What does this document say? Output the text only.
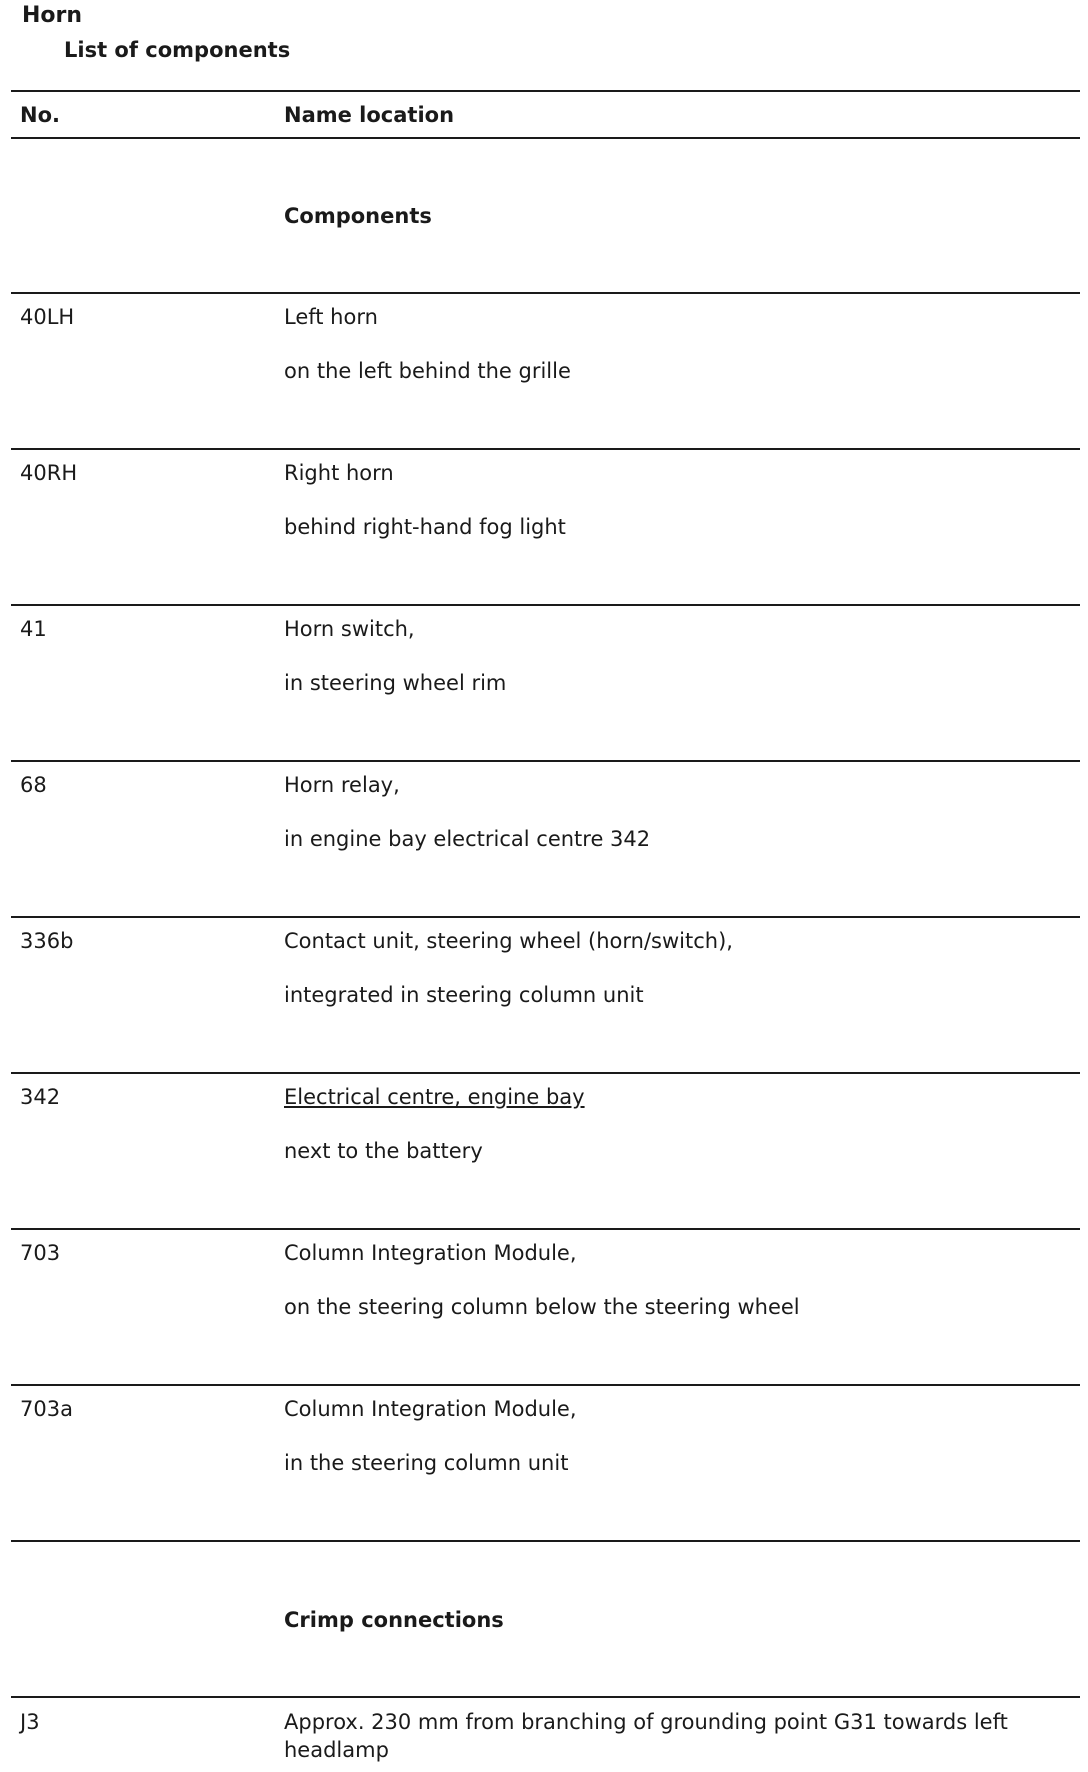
Horn
List of components
No.	Name location
Components
40LH	Left horn
on the left behind the grille
40RH	Right horn
behind right-hand fog light
41	Horn switch,
in steering wheel rim
68	Horn relay,
in engine bay electrical centre 342
336b	Contact unit, steering wheel (horn/switch),
integrated in steering column unit
342	Electrical centre, engine bay
next to the battery
703	Column Integration Module,
on the steering column below the steering wheel
703a	Column Integration Module,
in the steering column unit
Crimp connections
J3	Approx. 230 mm from branching of grounding point G31 towards left headlamp
